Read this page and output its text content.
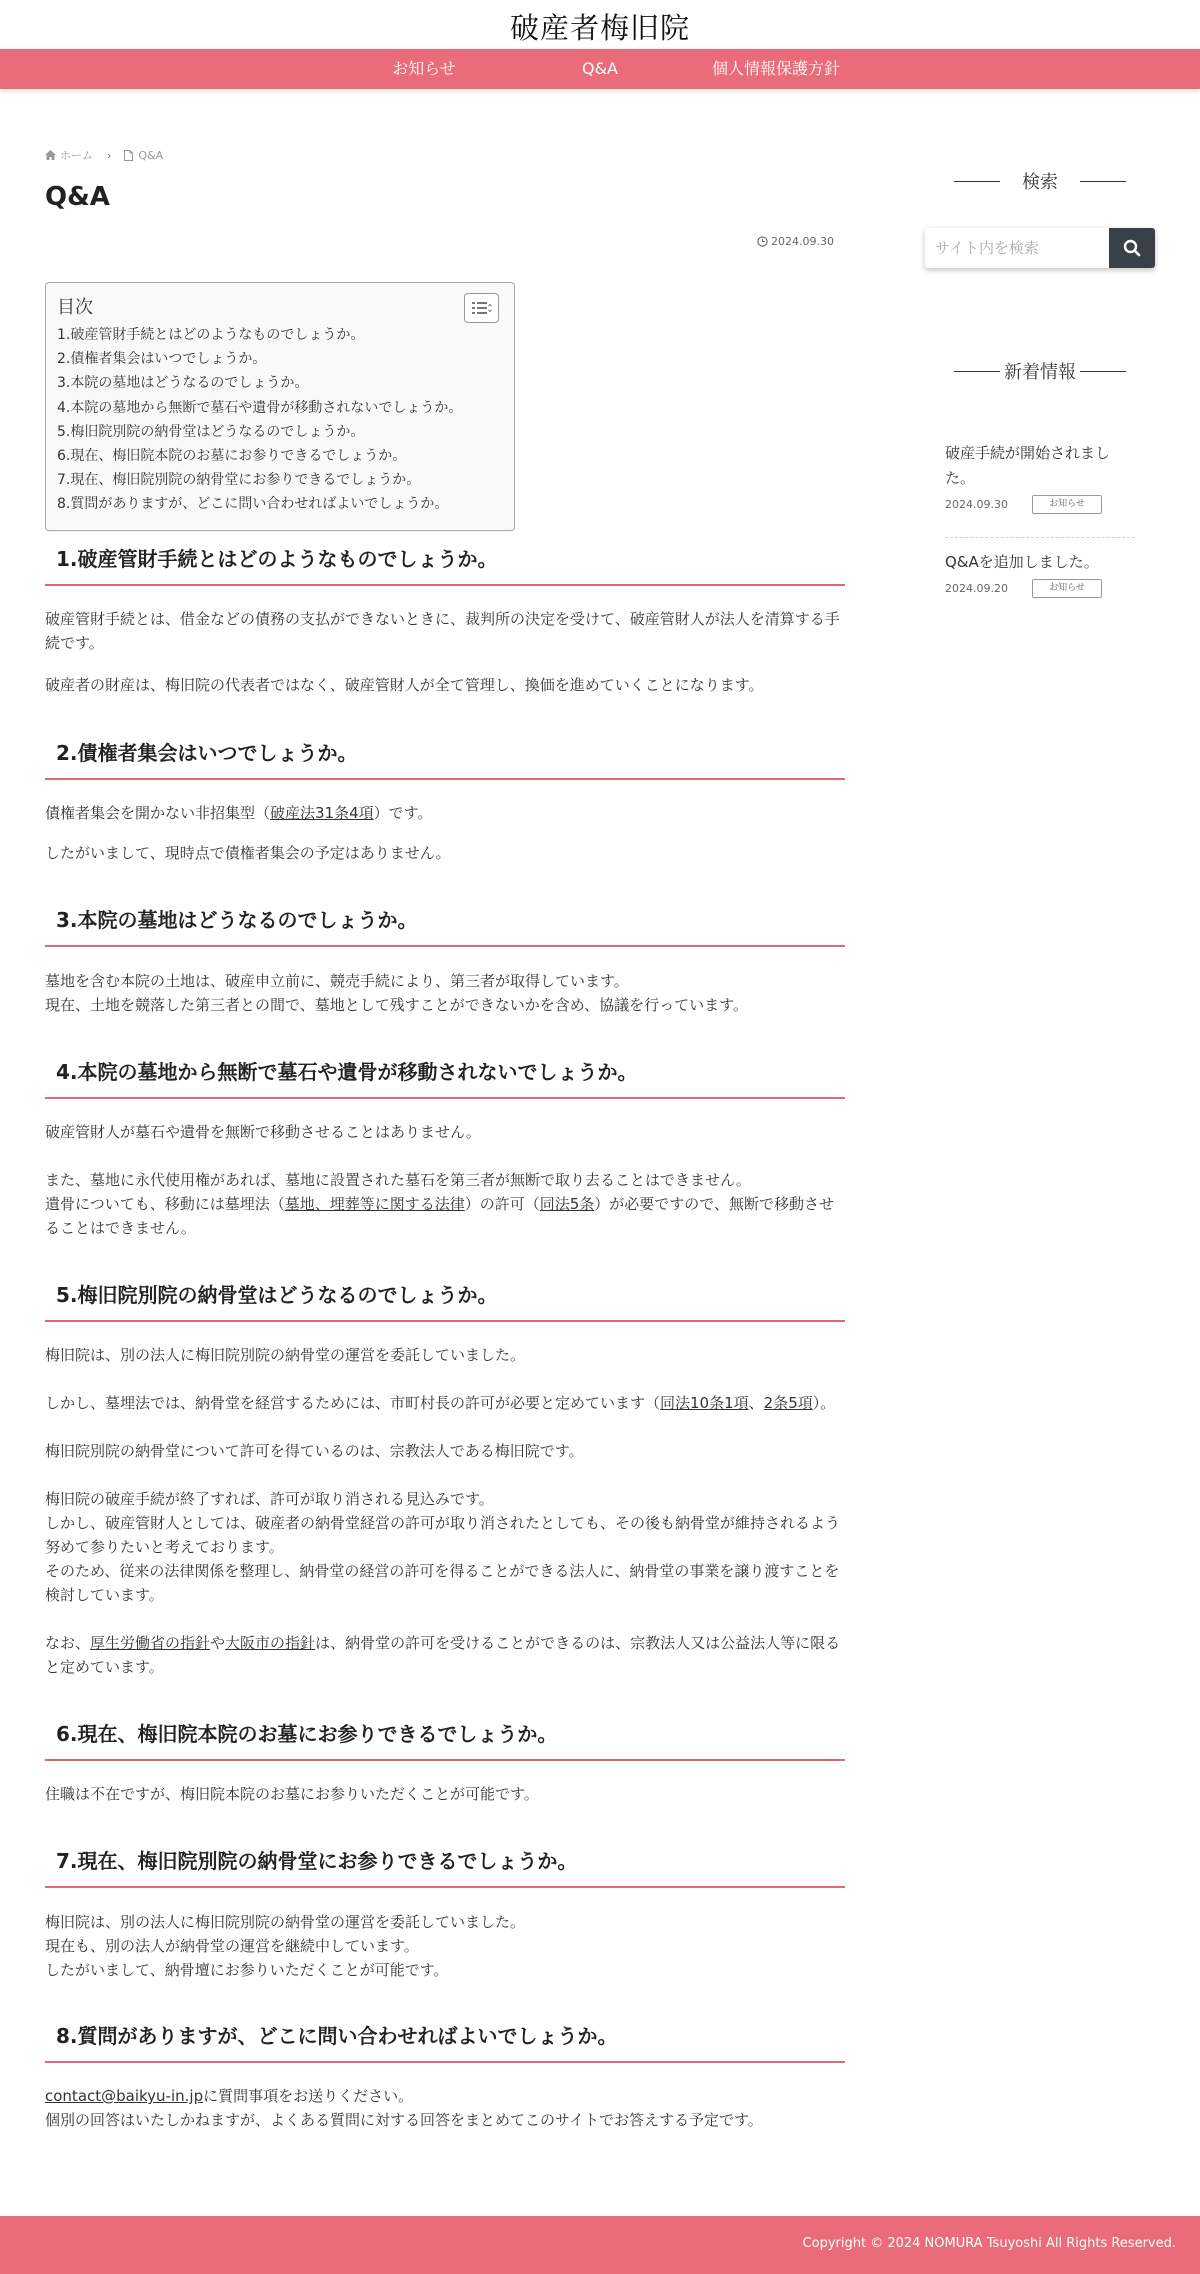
破産者梅旧院
お知らせ	Q&A	個人情報保護方針
ホーム › Q&A
Q&A
2024.09.30
目次
1.破産管財手続とはどのようなものでしょうか。
2.債権者集会はいつでしょうか。
3.本院の墓地はどうなるのでしょうか。
4.本院の墓地から無断で墓石や遺骨が移動されないでしょうか。
5.梅旧院別院の納骨堂はどうなるのでしょうか。
6.現在、梅旧院本院のお墓にお参りできるでしょうか。
7.現在、梅旧院別院の納骨堂にお参りできるでしょうか。
8.質問がありますが、どこに問い合わせればよいでしょうか。
1.破産管財手続とはどのようなものでしょうか。

破産管財手続とは、借金などの債務の支払ができないときに、裁判所の決定を受けて、破産管財人が法人を清算する手続です。

破産者の財産は、梅旧院の代表者ではなく、破産管財人が全て管理し、換価を進めていくことになります。

2.債権者集会はいつでしょうか。

債権者集会を開かない非招集型（破産法31条4項）です。

したがいまして、現時点で債権者集会の予定はありません。

3.本院の墓地はどうなるのでしょうか。

墓地を含む本院の土地は、破産申立前に、競売手続により、第三者が取得しています。

現在、土地を競落した第三者との間で、墓地として残すことができないかを含め、協議を行っています。

4.本院の墓地から無断で墓石や遺骨が移動されないでしょうか。

破産管財人が墓石や遺骨を無断で移動させることはありません。

また、墓地に永代使用権があれば、墓地に設置された墓石を第三者が無断で取り去ることはできません。

遺骨についても、移動には墓埋法（墓地、埋葬等に関する法律）の許可（同法5条）が必要ですので、無断で移動させることはできません。

5.梅旧院別院の納骨堂はどうなるのでしょうか。

梅旧院は、別の法人に梅旧院別院の納骨堂の運営を委託していました。

しかし、墓埋法では、納骨堂を経営するためには、市町村長の許可が必要と定めています（同法10条1項、2条5項）。

梅旧院別院の納骨堂について許可を得ているのは、宗教法人である梅旧院です。

梅旧院の破産手続が終了すれば、許可が取り消される見込みです。

しかし、破産管財人としては、破産者の納骨堂経営の許可が取り消されたとしても、その後も納骨堂が維持されるよう努めて参りたいと考えております。

そのため、従来の法律関係を整理し、納骨堂の経営の許可を得ることができる法人に、納骨堂の事業を譲り渡すことを検討しています。

なお、厚生労働省の指針や大阪市の指針は、納骨堂の許可を受けることができるのは、宗教法人又は公益法人等に限ると定めています。

6.現在、梅旧院本院のお墓にお参りできるでしょうか。

住職は不在ですが、梅旧院本院のお墓にお参りいただくことが可能です。

7.現在、梅旧院別院の納骨堂にお参りできるでしょうか。

梅旧院は、別の法人に梅旧院別院の納骨堂の運営を委託していました。

現在も、別の法人が納骨堂の運営を継続中しています。

したがいまして、納骨壇にお参りいただくことが可能です。

8.質問がありますが、どこに問い合わせればよいでしょうか。

contact@baikyu-in.jpに質問事項をお送りください。

個別の回答はいたしかねますが、よくある質問に対する回答をまとめてこのサイトでお答えする予定です。

検索
サイト内を検索
新着情報
破産手続が開始されました。
2024.09.30	お知らせ
Q&Aを追加しました。
2024.09.20	お知らせ
Copyright © 2024 NOMURA Tsuyoshi All Rights Reserved.
